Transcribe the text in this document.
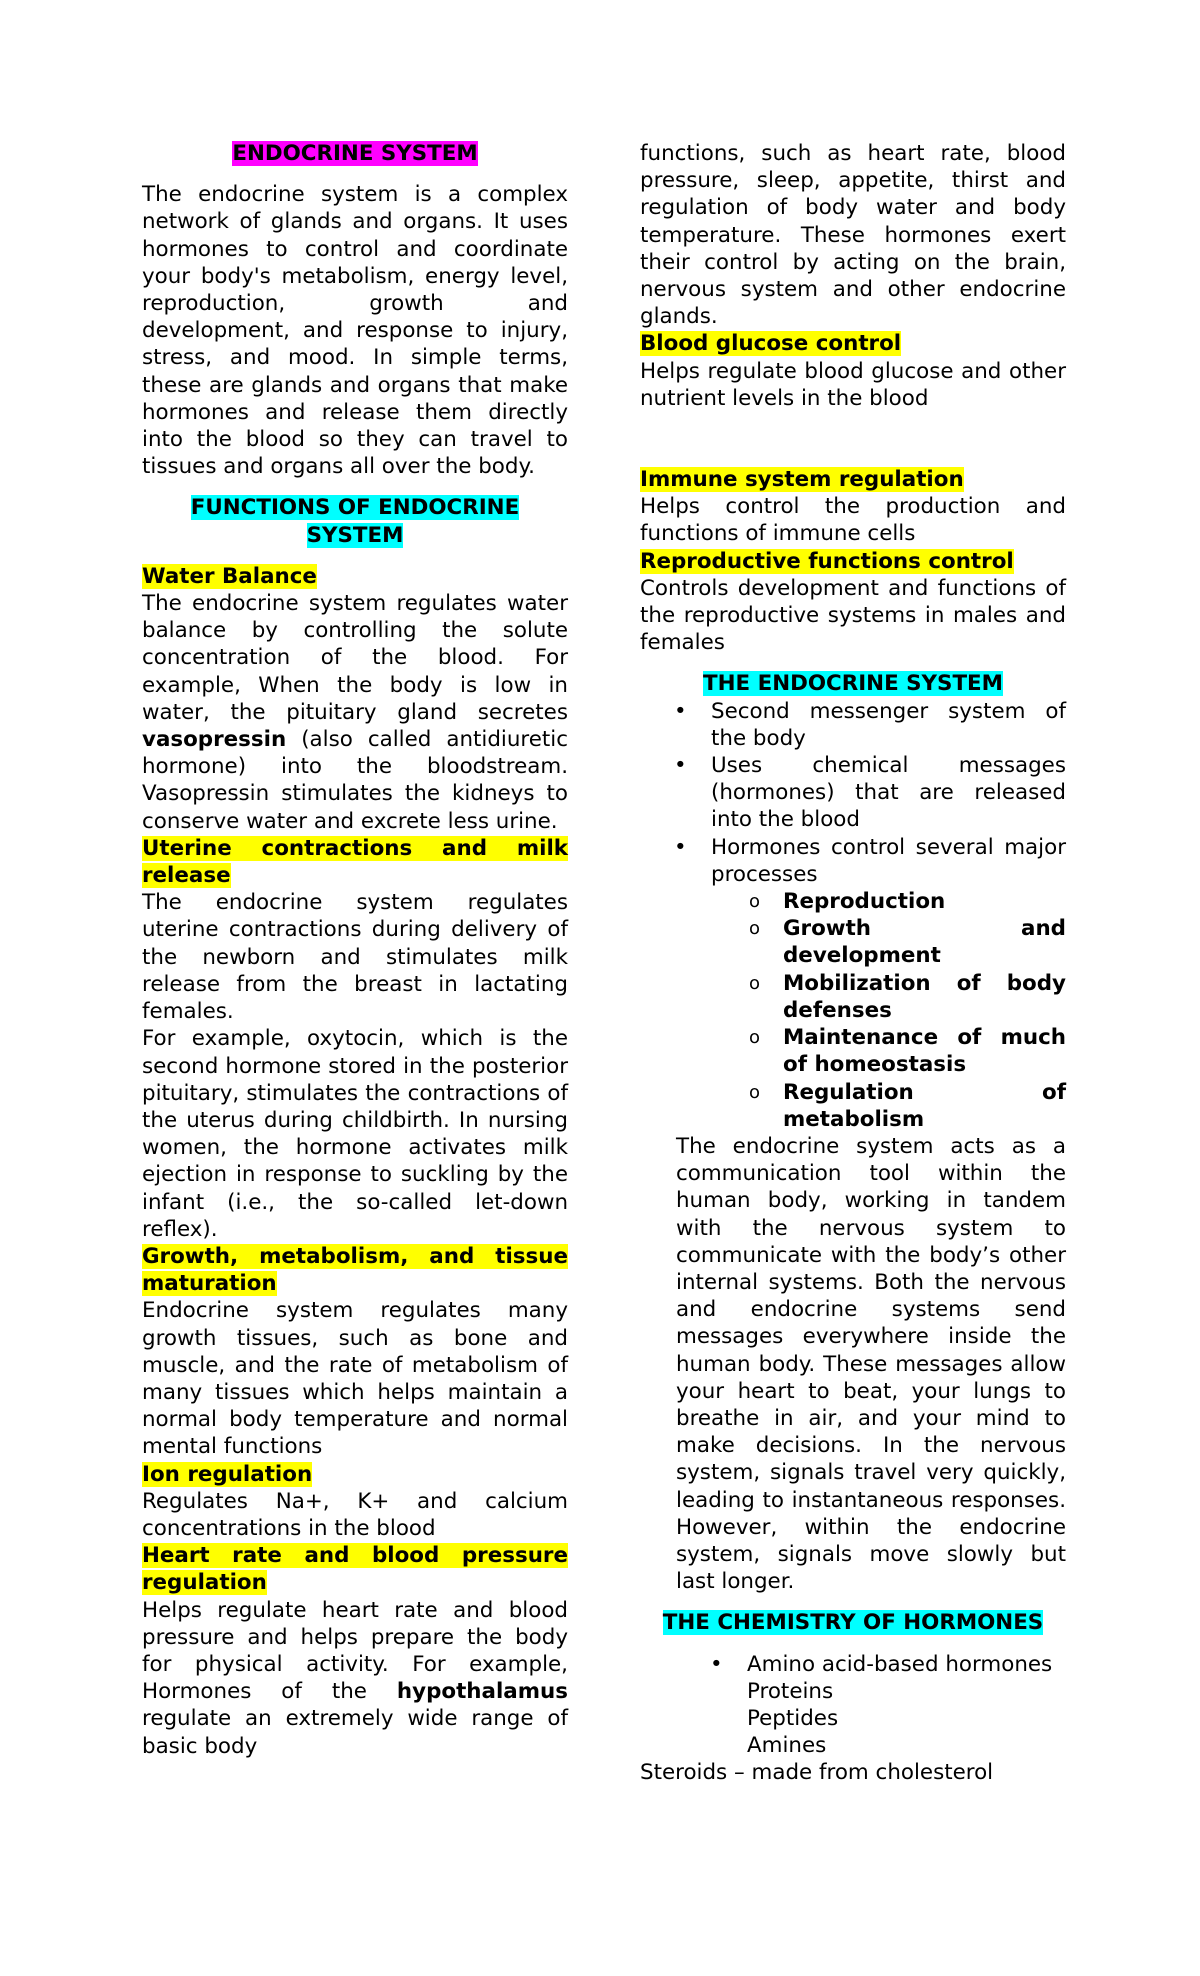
ENDOCRINE SYSTEM

The endocrine system is a complex network of glands and organs. It uses hormones to control and coordinate your body's metabolism, energy level, reproduction, growth and development, and response to injury, stress, and mood. In simple terms, these are glands and organs that make hormones and release them directly into the blood so they can travel to tissues and organs all over the body.

FUNCTIONS OF ENDOCRINE SYSTEM

Water Balance

The endocrine system regulates water balance by controlling the solute concentration of the blood. For example, When the body is low in water, the pituitary gland secretes vasopressin (also called antidiuretic hormone) into the bloodstream. Vasopressin stimulates the kidneys to conserve water and excrete less urine.

Uterine contractions and milk release

The endocrine system regulates uterine contractions during delivery of the newborn and stimulates milk release from the breast in lactating females.

For example, oxytocin, which is the second hormone stored in the posterior pituitary, stimulates the contractions of the uterus during childbirth. In nursing women, the hormone activates milk ejection in response to suckling by the infant (i.e., the so-called let-down reflex).

Growth, metabolism, and tissue maturation

Endocrine system regulates many growth tissues, such as bone and muscle, and the rate of metabolism of many tissues which helps maintain a normal body temperature and normal mental functions

Ion regulation

Regulates Na+, K+ and calcium concentrations in the blood

Heart rate and blood pressure regulation

Helps regulate heart rate and blood pressure and helps prepare the body for physical activity. For example, Hormones of the hypothalamus regulate an extremely wide range of basic body

functions, such as heart rate, blood pressure, sleep, appetite, thirst and regulation of body water and body temperature. These hormones exert their control by acting on the brain, nervous system and other endocrine glands.

Blood glucose control

Helps regulate blood glucose and other nutrient levels in the blood

Immune system regulation

Helps control the production and functions of immune cells

Reproductive functions control

Controls development and functions of the reproductive systems in males and females

THE ENDOCRINE SYSTEM

• Second messenger system of the body
• Uses chemical messages (hormones) that are released into the blood
• Hormones control several major processes
o Reproduction
o Growth and development
o Mobilization of body defenses
o Maintenance of much of homeostasis
o Regulation of metabolism

The endocrine system acts as a communication tool within the human body, working in tandem with the nervous system to communicate with the body’s other internal systems. Both the nervous and endocrine systems send messages everywhere inside the human body. These messages allow your heart to beat, your lungs to breathe in air, and your mind to make decisions. In the nervous system, signals travel very quickly, leading to instantaneous responses. However, within the endocrine system, signals move slowly but last longer.

THE CHEMISTRY OF HORMONES

• Amino acid-based hormones

Proteins

Peptides

Amines

Steroids – made from cholesterol
